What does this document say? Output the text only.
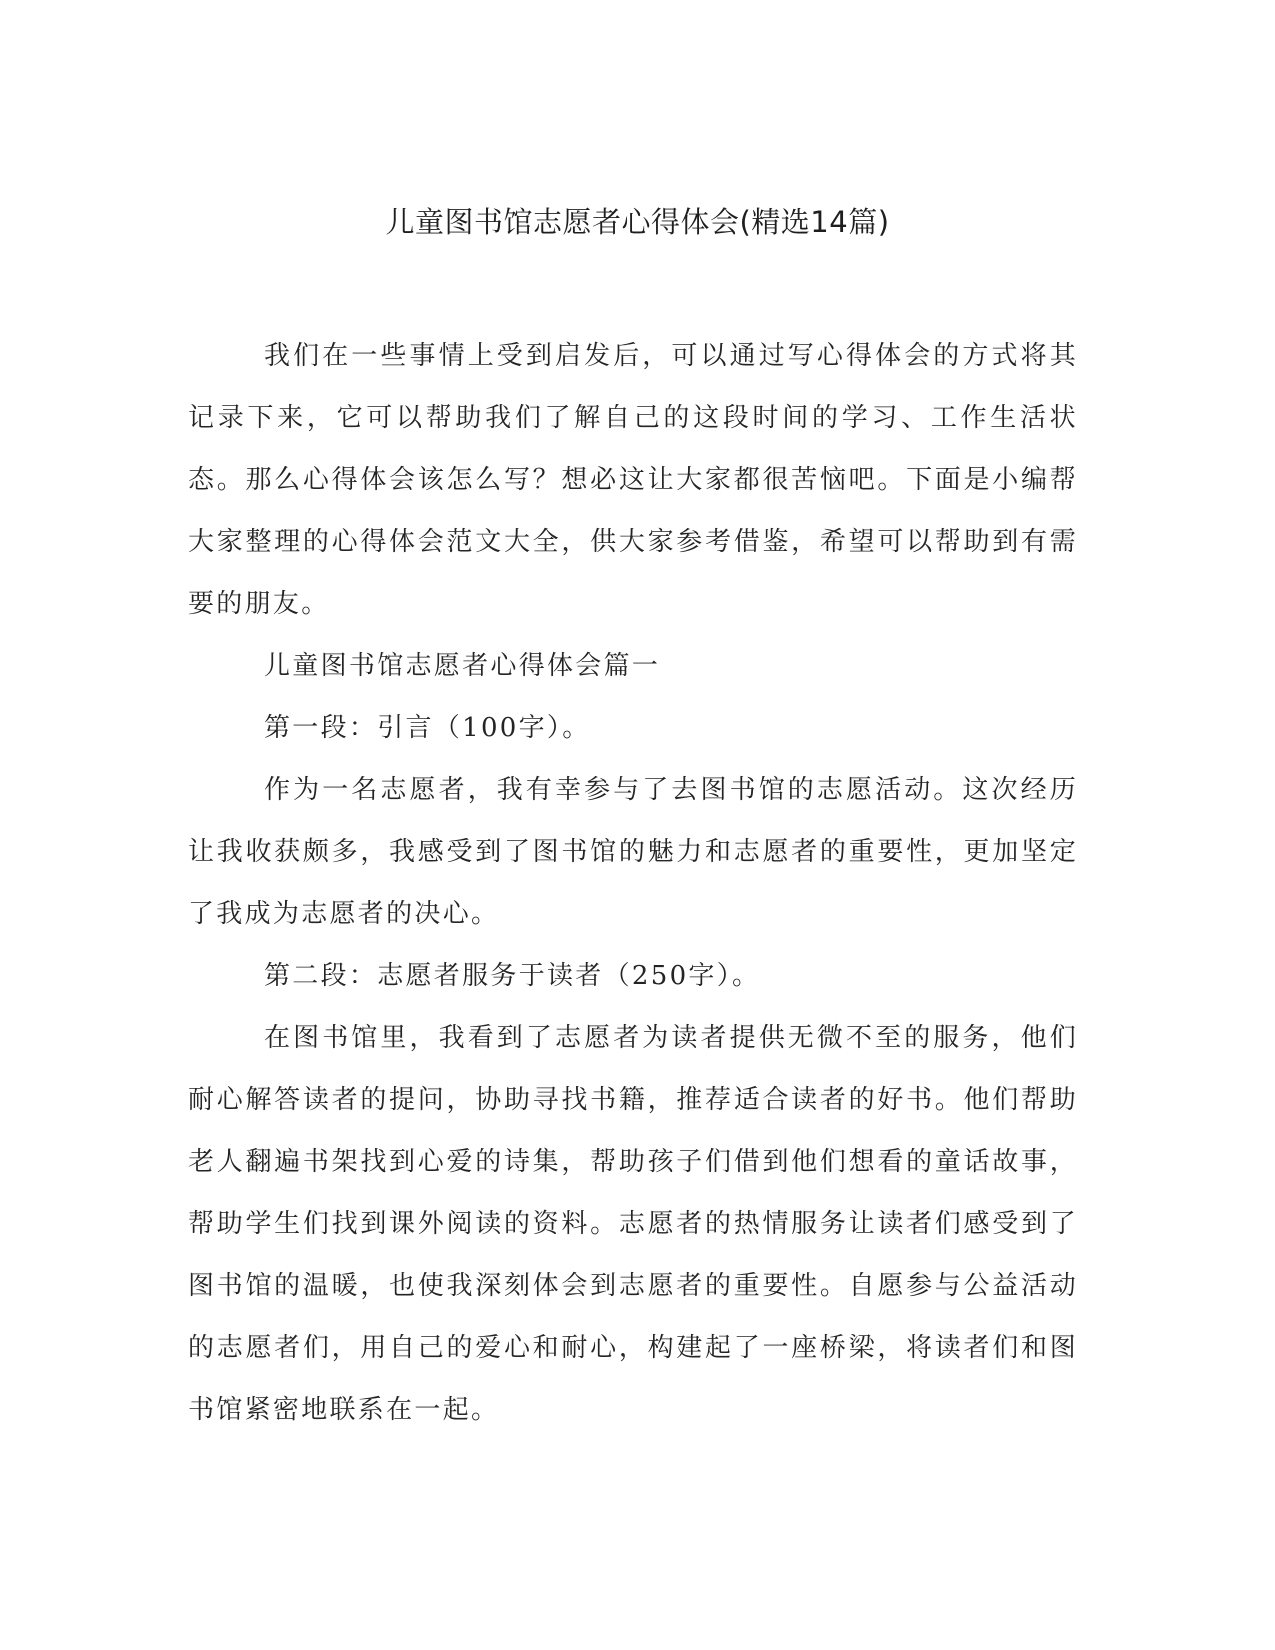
儿童图书馆志愿者心得体会(精选14篇)

我们在一些事情上受到启发后，可以通过写心得体会的方式将其记录下来，它可以帮助我们了解自己的这段时间的学习、工作生活状态。那么心得体会该怎么写？想必这让大家都很苦恼吧。下面是小编帮大家整理的心得体会范文大全，供大家参考借鉴，希望可以帮助到有需要的朋友。

儿童图书馆志愿者心得体会篇一

第一段：引言（100字）。

作为一名志愿者，我有幸参与了去图书馆的志愿活动。这次经历让我收获颇多，我感受到了图书馆的魅力和志愿者的重要性，更加坚定了我成为志愿者的决心。

第二段：志愿者服务于读者（250字）。

在图书馆里，我看到了志愿者为读者提供无微不至的服务，他们耐心解答读者的提问，协助寻找书籍，推荐适合读者的好书。他们帮助老人翻遍书架找到心爱的诗集，帮助孩子们借到他们想看的童话故事，帮助学生们找到课外阅读的资料。志愿者的热情服务让读者们感受到了图书馆的温暖，也使我深刻体会到志愿者的重要性。自愿参与公益活动的志愿者们，用自己的爱心和耐心，构建起了一座桥梁，将读者们和图书馆紧密地联系在一起。
